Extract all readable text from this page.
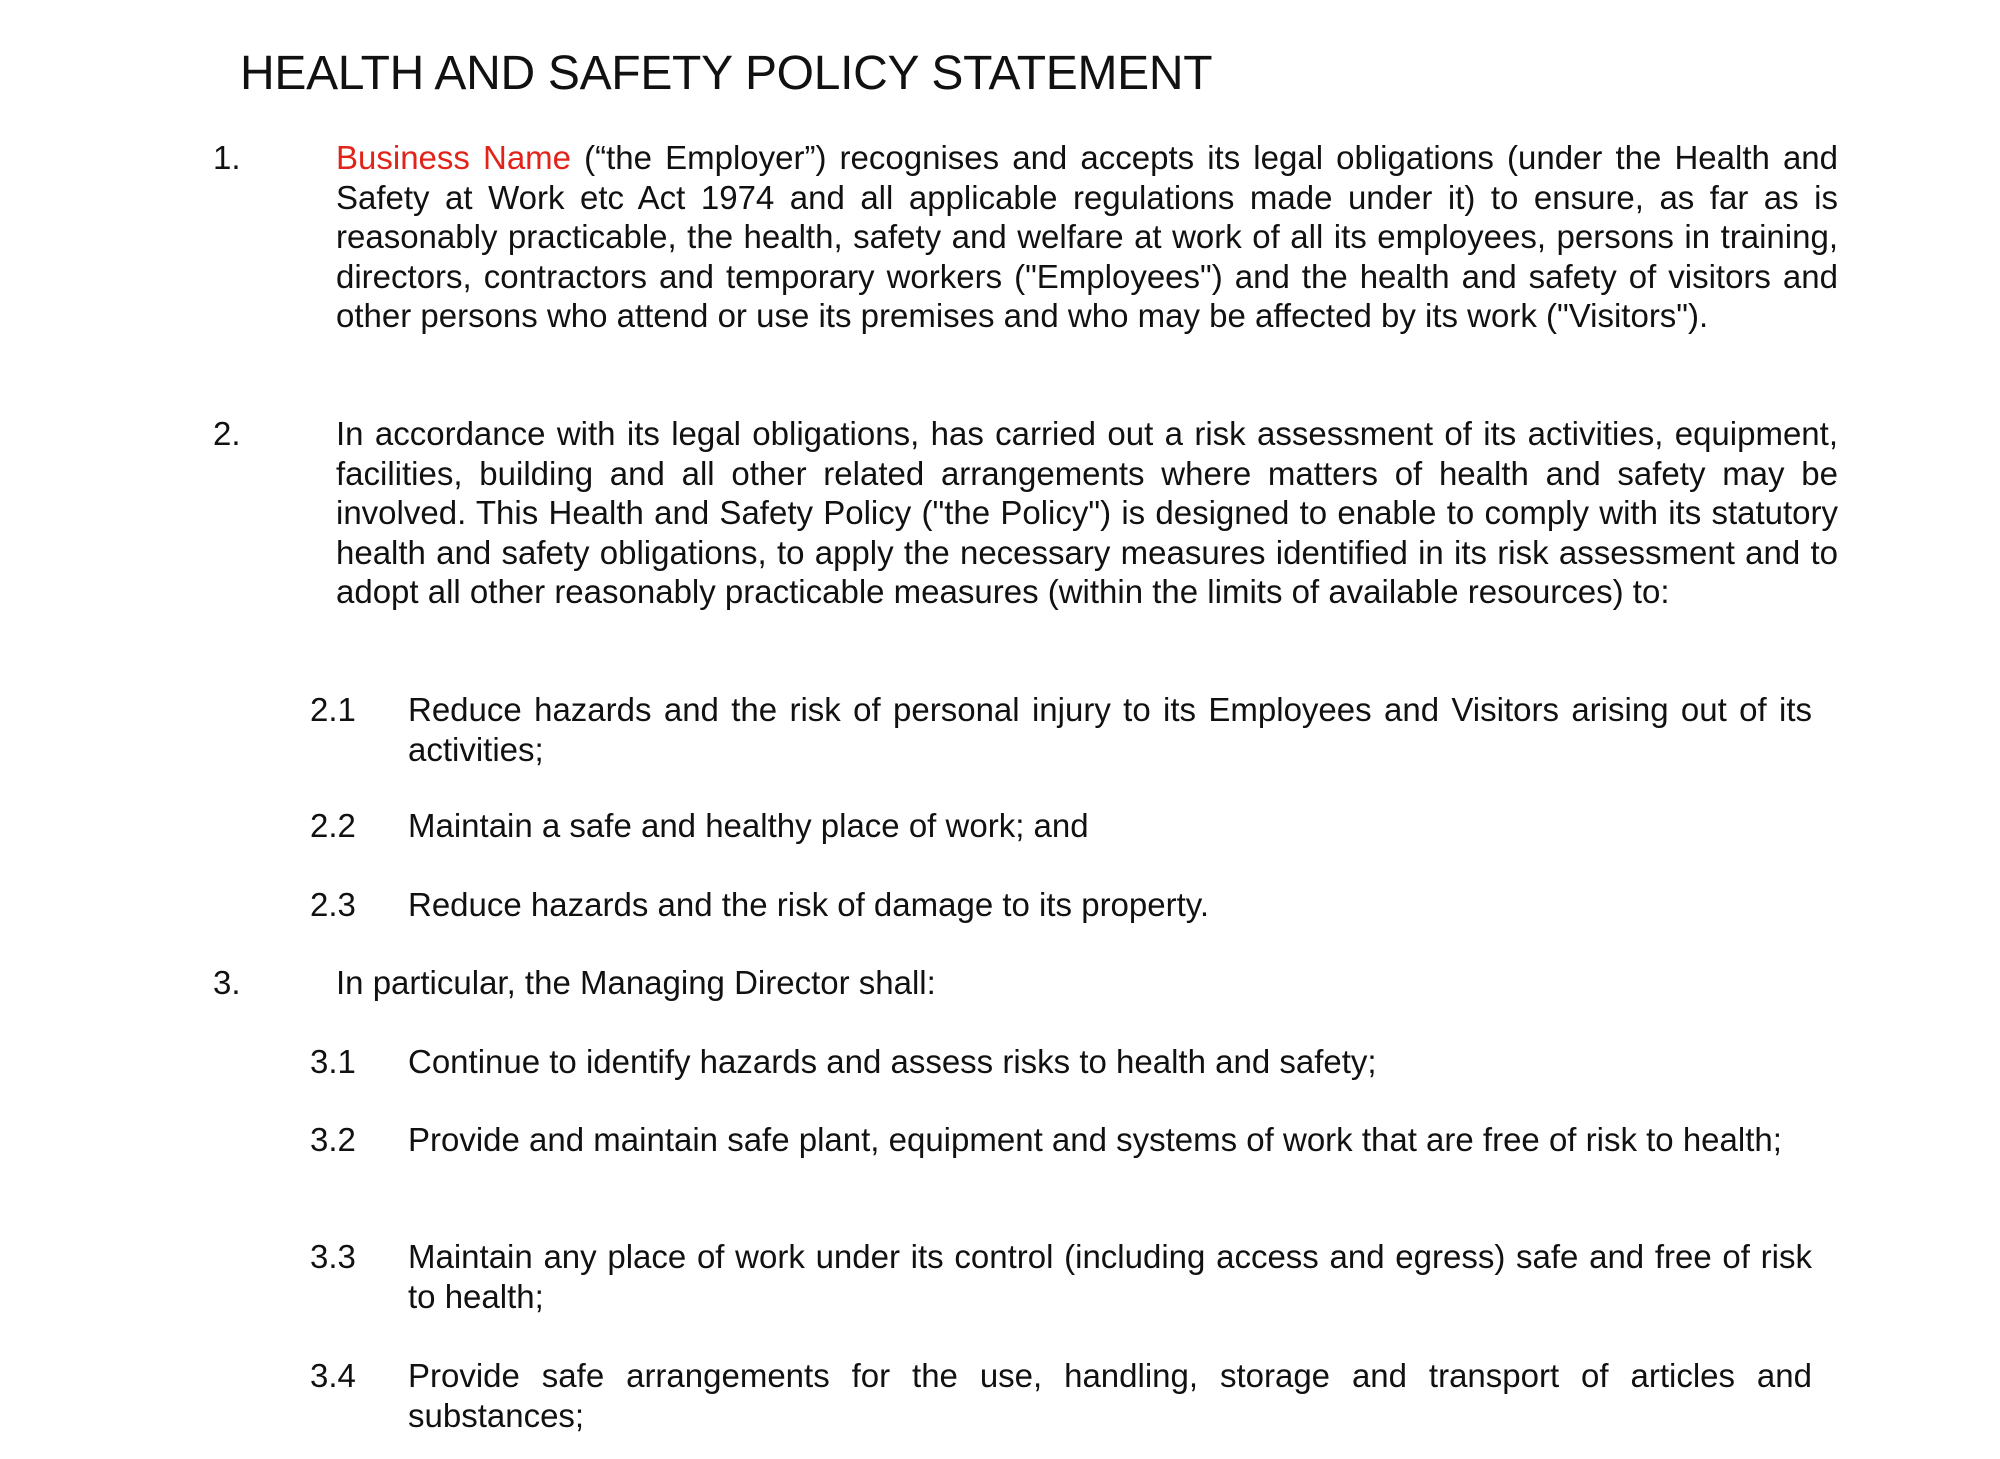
HEALTH AND SAFETY POLICY STATEMENT
1.	Business Name (“the Employer”) recognises and accepts its legal obligations (under the Health and Safety at Work etc Act 1974 and all applicable regulations made under it) to ensure, as far as is reasonably practicable, the health, safety and welfare at work of all its employees, persons in training, directors, contractors and temporary workers ("Employees") and the health and safety of visitors and other persons who attend or use its premises and who may be affected by its work ("Visitors").
2.	In accordance with its legal obligations, has carried out a risk assessment of its activities, equipment, facilities, building and all other related arrangements where matters of health and safety may be involved. This Health and Safety Policy ("the Policy") is designed to enable to comply with its statutory health and safety obligations, to apply the necessary measures identified in its risk assessment and to adopt all other reasonably practicable measures (within the limits of available resources) to:
2.1 Reduce hazards and the risk of personal injury to its Employees and Visitors arising out of its activities;
2.2 Maintain a safe and healthy place of work; and
2.3 Reduce hazards and the risk of damage to its property.
3.	In particular, the Managing Director shall:
3.1 Continue to identify hazards and assess risks to health and safety;
3.2 Provide and maintain safe plant, equipment and systems of work that are free of risk to health;
3.3 Maintain any place of work under its control (including access and egress) safe and free of risk to health;
3.4 Provide safe arrangements for the use, handling, storage and transport of articles and substances;
